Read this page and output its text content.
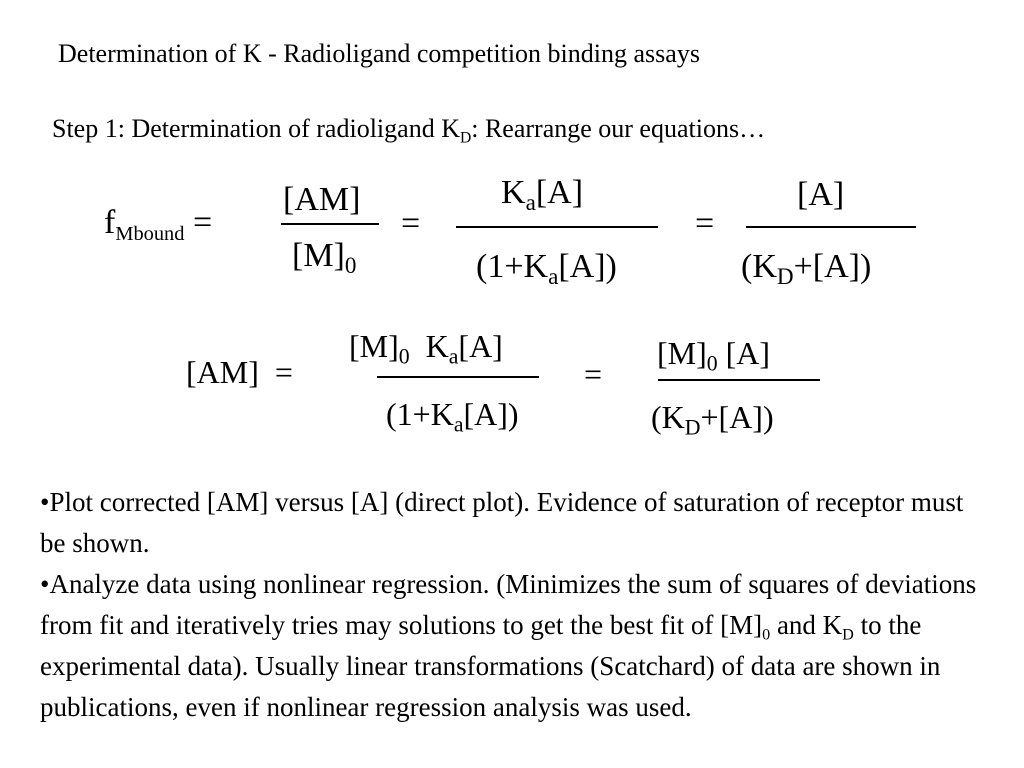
Determination of K - Radioligand competition binding assays
Step 1: Determination of radioligand $K_D$: Rearrange our equations…
$f_{Mbound}$ =
[AM]
$[M]_0$
=
$K_a[A]$
$(1+K_a[A])$
=
[A]
$(K_D+[A])$
[AM] =
$[M]_0$ $K_a[A]$
$(1+K_a[A])$
=
$[M]_0$ [A]
$(K_D+[A])$

•Plot corrected [AM] versus [A] (direct plot). Evidence of saturation of receptor must be shown.

•Analyze data using nonlinear regression. (Minimizes the sum of squares of deviations from fit and iteratively tries may solutions to get the best fit of $[M]_0$ and $K_D$ to the experimental data). Usually linear transformations (Scatchard) of data are shown in publications, even if nonlinear regression analysis was used.
